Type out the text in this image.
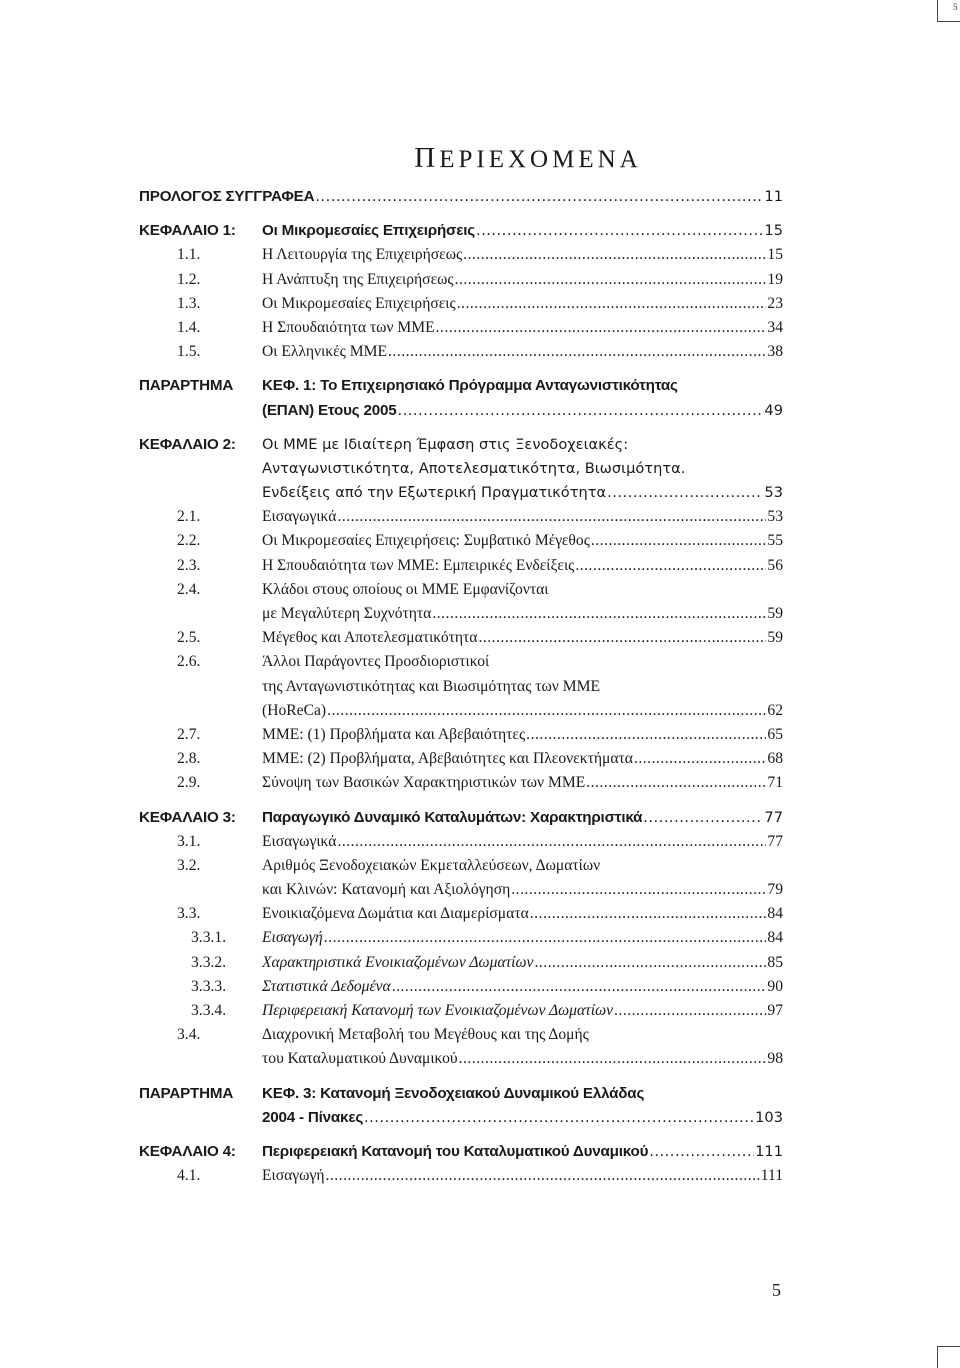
5
ΠΕΡΙΕΧΟΜΕΝΑ
ΠΡΟΛΟΓΟΣ ΣΥΓΓΡΑΦΕΑ .....	11
ΚΕΦΑΛΑΙΟ 1: Οι Μικρομεσαίες Επιχειρήσεις .....	15
1.1.	Η Λειτουργία της Επιχειρήσεως .....	15
1.2.	Η Ανάπτυξη της Επιχειρήσεως .....	19
1.3.	Οι Μικρομεσαίες Επιχειρήσεις .....	23
1.4.	Η Σπουδαιότητα των ΜΜΕ .....	34
1.5.	Οι Ελληνικές ΜΜΕ .....	38
ΠΑΡΑΡΤΗΜΑ ΚΕΦ. 1: Το Επιχειρησιακό Πρόγραμμα Ανταγωνιστικότητας
(ΕΠΑΝ) Ετους 2005 .....	49
ΚΕΦΑΛΑΙΟ 2: Οι ΜΜΕ με Ιδιαίτερη Έμφαση στις Ξενοδοχειακές:
Ανταγωνιστικότητα, Αποτελεσματικότητα, Βιωσιμότητα.
Ενδείξεις από την Εξωτερική Πραγματικότητα .....	53
2.1.	Εισαγωγικά .....	53
2.2.	Οι Μικρομεσαίες Επιχειρήσεις: Συμβατικό Μέγεθος .....	55
2.3.	Η Σπουδαιότητα των ΜΜΕ: Εμπειρικές Ενδείξεις .....	56
2.4.	Κλάδοι στους οποίους οι ΜΜΕ Εμφανίζονται
με Μεγαλύτερη Συχνότητα .....	59
2.5.	Μέγεθος και Αποτελεσματικότητα .....	59
2.6.	Άλλοι Παράγοντες Προσδιοριστικοί
της Ανταγωνιστικότητας και Βιωσιμότητας των ΜΜΕ
(HoReCa) .....	62
2.7.	ΜΜΕ: (1) Προβλήματα και Αβεβαιότητες .....	65
2.8.	ΜΜΕ: (2) Προβλήματα, Αβεβαιότητες και Πλεονεκτήματα .....	68
2.9.	Σύνοψη των Βασικών Χαρακτηριστικών των ΜΜΕ .....	71
ΚΕΦΑΛΑΙΟ 3: Παραγωγικό Δυναμικό Καταλυμάτων: Χαρακτηριστικά .....	77
3.1.	Εισαγωγικά .....	77
3.2.	Αριθμός Ξενοδοχειακών Εκμεταλλεύσεων, Δωματίων
και Κλινών: Κατανομή και Αξιολόγηση .....	79
3.3.	Ενοικιαζόμενα Δωμάτια και Διαμερίσματα .....	84
3.3.1. Εισαγωγή .....	84
3.3.2. Χαρακτηριστικά Ενοικιαζομένων Δωματίων .....	85
3.3.3. Στατιστικά Δεδομένα .....	90
3.3.4. Περιφερειακή Κατανομή των Ενοικιαζομένων Δωματίων .....	97
3.4.	Διαχρονική Μεταβολή του Μεγέθους και της Δομής
του Καταλυματικού Δυναμικού .....	98
ΠΑΡΑΡΤΗΜΑ ΚΕΦ. 3: Κατανομή Ξενοδοχειακού Δυναμικού Ελλάδας
2004 - Πίνακες .....	103
ΚΕΦΑΛΑΙΟ 4: Περιφερειακή Κατανομή του Καταλυματικού Δυναμικού .....	111
4.1.	Εισαγωγή .....	111
5
